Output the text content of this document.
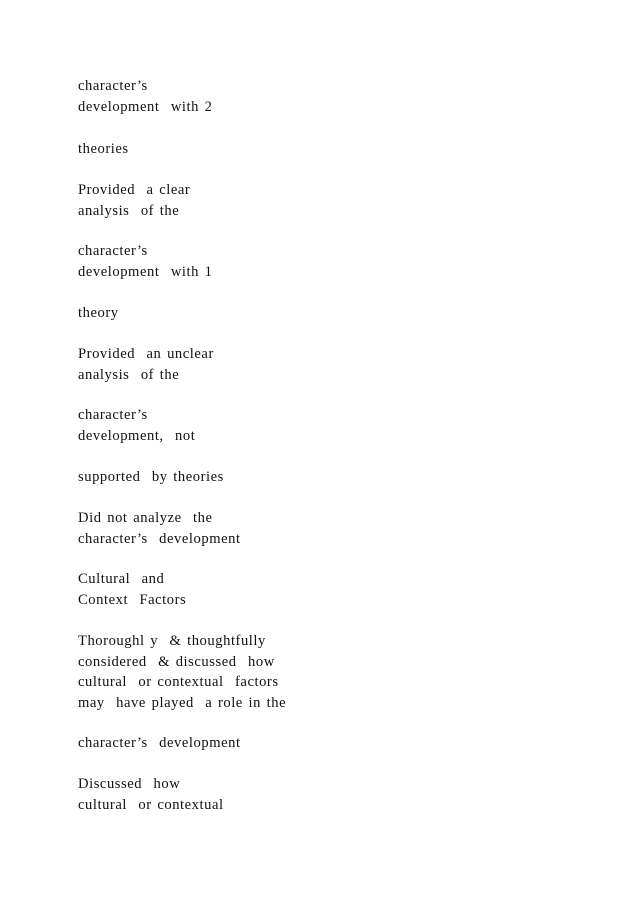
character’s

development  with 2

theories

Provided  a clear

analysis  of the

character’s

development  with 1

theory

Provided  an unclear

analysis  of the

character’s

development,  not

supported  by theories

Did not analyze  the

character’s  development

Cultural  and

Context  Factors

Thoroughl y  & thoughtfully

considered  & discussed  how

cultural  or contextual  factors

may  have played  a role in the

character’s  development

Discussed  how

cultural  or contextual
